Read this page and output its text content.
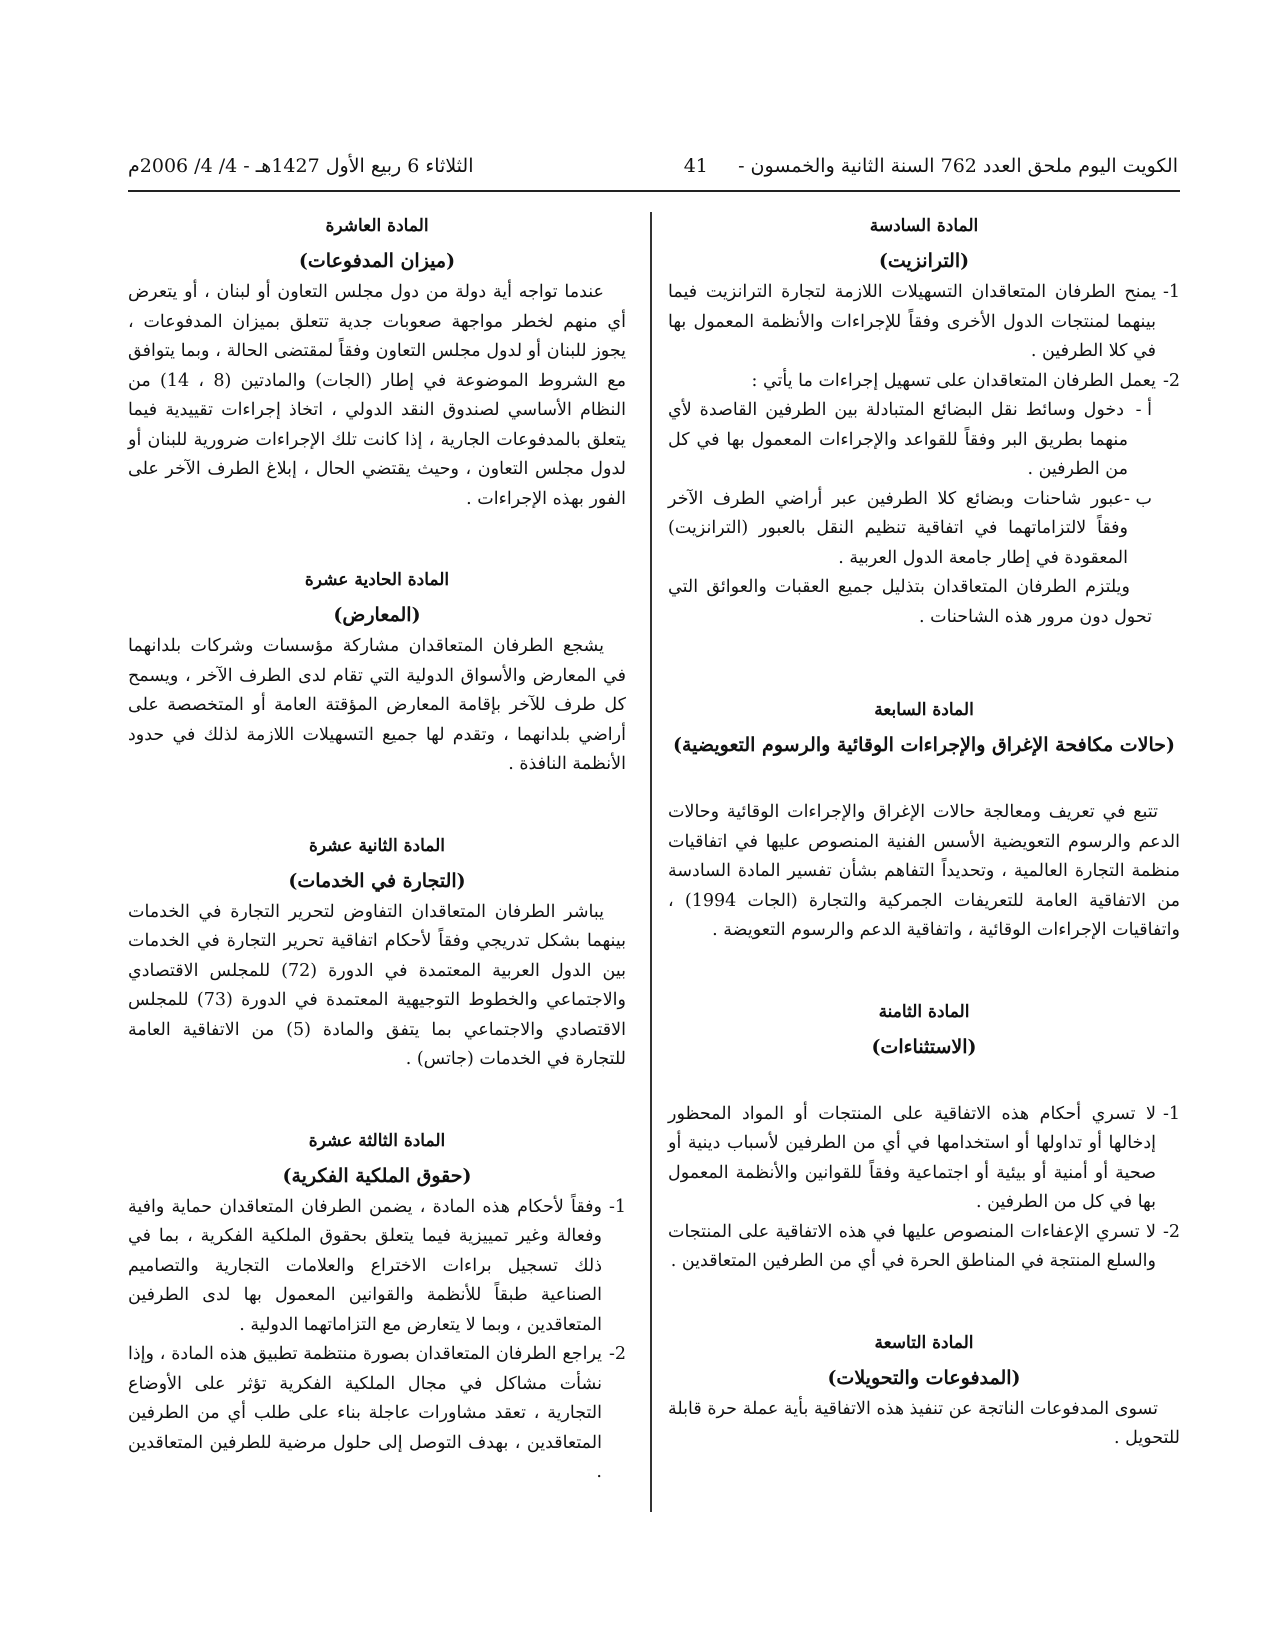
الكويت اليوم ملحق العدد 762 السنة الثانية والخمسون -     41
الثلاثاء 6 ربيع الأول 1427هـ - 4/ 4/ 2006م

المادة السادسة

(الترانزيت)

1-يمنح الطرفان المتعاقدان التسهيلات اللازمة لتجارة الترانزيت فيما بينهما لمنتجات الدول الأخرى وفقاً للإجراءات والأنظمة المعمول بها في كلا الطرفين .

2-يعمل الطرفان المتعاقدان على تسهيل إجراءات ما يأتي :

أ -دخول وسائط نقل البضائع المتبادلة بين الطرفين القاصدة لأي منهما بطريق البر وفقاً للقواعد والإجراءات المعمول بها في كل من الطرفين .

ب -عبور شاحنات وبضائع كلا الطرفين عبر أراضي الطرف الآخر وفقاً لالتزاماتهما في اتفاقية تنظيم النقل بالعبور (الترانزيت) المعقودة في إطار جامعة الدول العربية .

ويلتزم الطرفان المتعاقدان بتذليل جميع العقبات والعوائق التي تحول دون مرور هذه الشاحنات .

المادة السابعة

(حالات مكافحة الإغراق والإجراءات الوقائية والرسوم التعويضية)

تتبع في تعريف ومعالجة حالات الإغراق والإجراءات الوقائية وحالات الدعم والرسوم التعويضية الأسس الفنية المنصوص عليها في اتفاقيات منظمة التجارة العالمية ، وتحديداً التفاهم بشأن تفسير المادة السادسة من الاتفاقية العامة للتعريفات الجمركية والتجارة (الجات 1994) ، واتفاقيات الإجراءات الوقائية ، واتفاقية الدعم والرسوم التعويضة .

المادة الثامنة

(الاستثناءات)

1-لا تسري أحكام هذه الاتفاقية على المنتجات أو المواد المحظور إدخالها أو تداولها أو استخدامها في أي من الطرفين لأسباب دينية أو صحية أو أمنية أو بيئية أو اجتماعية وفقاً للقوانين والأنظمة المعمول بها في كل من الطرفين .

2-لا تسري الإعفاءات المنصوص عليها في هذه الاتفاقية على المنتجات والسلع المنتجة في المناطق الحرة في أي من الطرفين المتعاقدين .

المادة التاسعة

(المدفوعات والتحويلات)

تسوى المدفوعات الناتجة عن تنفيذ هذه الاتفاقية بأية عملة حرة قابلة للتحويل .

المادة العاشرة

(ميزان المدفوعات)

عندما تواجه أية دولة من دول مجلس التعاون أو لبنان ، أو يتعرض أي منهم لخطر مواجهة صعوبات جدية تتعلق بميزان المدفوعات ، يجوز للبنان أو لدول مجلس التعاون وفقاً لمقتضى الحالة ، وبما يتوافق مع الشروط الموضوعة في إطار (الجات) والمادتين (8 ، 14) من النظام الأساسي لصندوق النقد الدولي ، اتخاذ إجراءات تقييدية فيما يتعلق بالمدفوعات الجارية ، إذا كانت تلك الإجراءات ضرورية للبنان أو لدول مجلس التعاون ، وحيث يقتضي الحال ، إبلاغ الطرف الآخر على الفور بهذه الإجراءات .

المادة الحادية عشرة

(المعارض)

يشجع الطرفان المتعاقدان مشاركة مؤسسات وشركات بلدانهما في المعارض والأسواق الدولية التي تقام لدى الطرف الآخر ، ويسمح كل طرف للآخر بإقامة المعارض المؤقتة العامة أو المتخصصة على أراضي بلدانهما ، وتقدم لها جميع التسهيلات اللازمة لذلك في حدود الأنظمة النافذة .

المادة الثانية عشرة

(التجارة في الخدمات)

يباشر الطرفان المتعاقدان التفاوض لتحرير التجارة في الخدمات بينهما بشكل تدريجي وفقاً لأحكام اتفاقية تحرير التجارة في الخدمات بين الدول العربية المعتمدة في الدورة (72) للمجلس الاقتصادي والاجتماعي والخطوط التوجيهية المعتمدة في الدورة (73) للمجلس الاقتصادي والاجتماعي بما يتفق والمادة (5) من الاتفاقية العامة للتجارة في الخدمات (جاتس) .

المادة الثالثة عشرة

(حقوق الملكية الفكرية)

1-وفقاً لأحكام هذه المادة ، يضمن الطرفان المتعاقدان حماية وافية وفعالة وغير تمييزية فيما يتعلق بحقوق الملكية الفكرية ، بما في ذلك تسجيل براءات الاختراع والعلامات التجارية والتصاميم الصناعية طبقاً للأنظمة والقوانين المعمول بها لدى الطرفين المتعاقدين ، وبما لا يتعارض مع التزاماتهما الدولية .

2-يراجع الطرفان المتعاقدان بصورة منتظمة تطبيق هذه المادة ، وإذا نشأت مشاكل في مجال الملكية الفكرية تؤثر على الأوضاع التجارية ، تعقد مشاورات عاجلة بناء على طلب أي من الطرفين المتعاقدين ، بهدف التوصل إلى حلول مرضية للطرفين المتعاقدين .
